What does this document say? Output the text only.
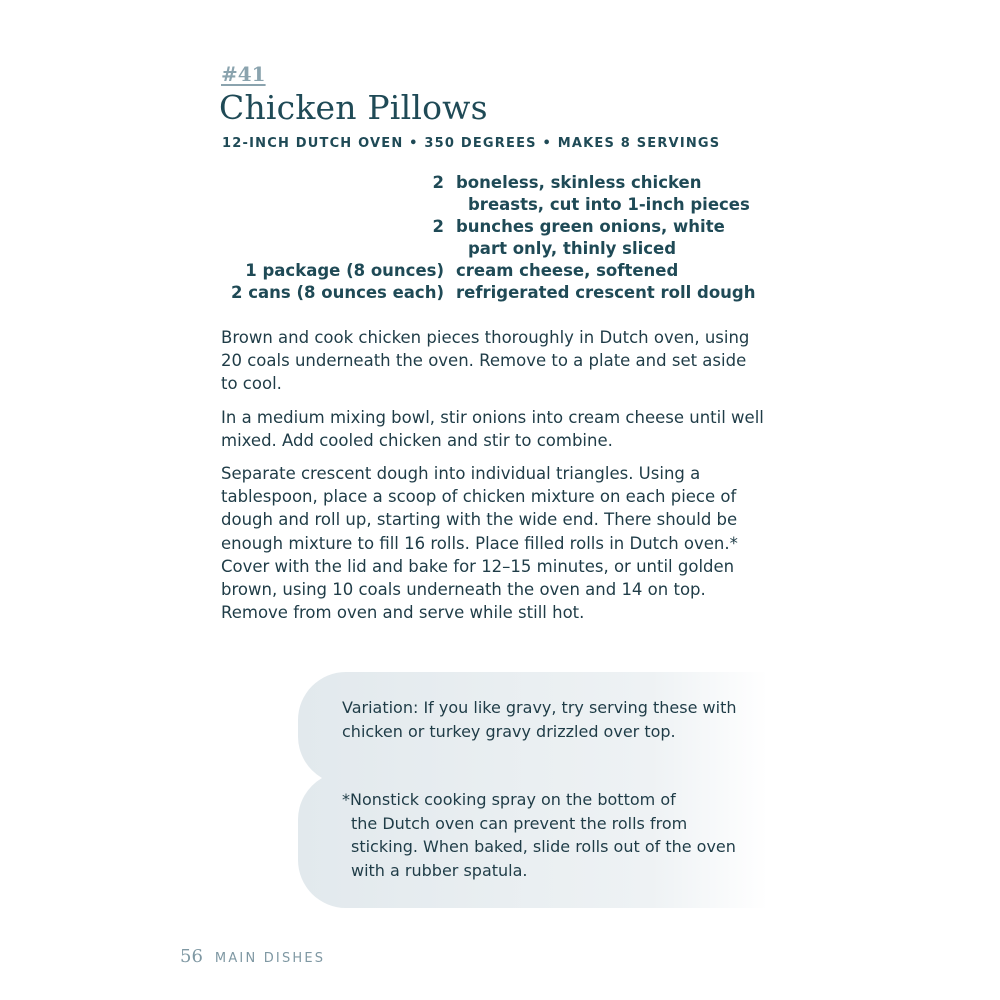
#41
Chicken Pillows
12-INCH DUTCH OVEN • 350 DEGREES • MAKES 8 SERVINGS
2 boneless, skinless chicken
breasts, cut into 1-inch pieces
2 bunches green onions, white
part only, thinly sliced
1 package (8 ounces) cream cheese, softened
2 cans (8 ounces each) refrigerated crescent roll dough

Brown and cook chicken pieces thoroughly in Dutch oven, using 20 coals underneath the oven. Remove to a plate and set aside to cool.

In a medium mixing bowl, stir onions into cream cheese until well mixed. Add cooled chicken and stir to combine.

Separate crescent dough into individual triangles. Using a tablespoon, place a scoop of chicken mixture on each piece of dough and roll up, starting with the wide end. There should be enough mixture to fill 16 rolls. Place filled rolls in Dutch oven.* Cover with the lid and bake for 12–15 minutes, or until golden brown, using 10 coals underneath the oven and 14 on top. Remove from oven and serve while still hot.

Variation: If you like gravy, try serving these with chicken or turkey gravy drizzled over top.
*Nonstick cooking spray on the bottom of
the Dutch oven can prevent the rolls from sticking. When baked, slide rolls out of the oven with a rubber spatula.
56 MAIN DISHES
